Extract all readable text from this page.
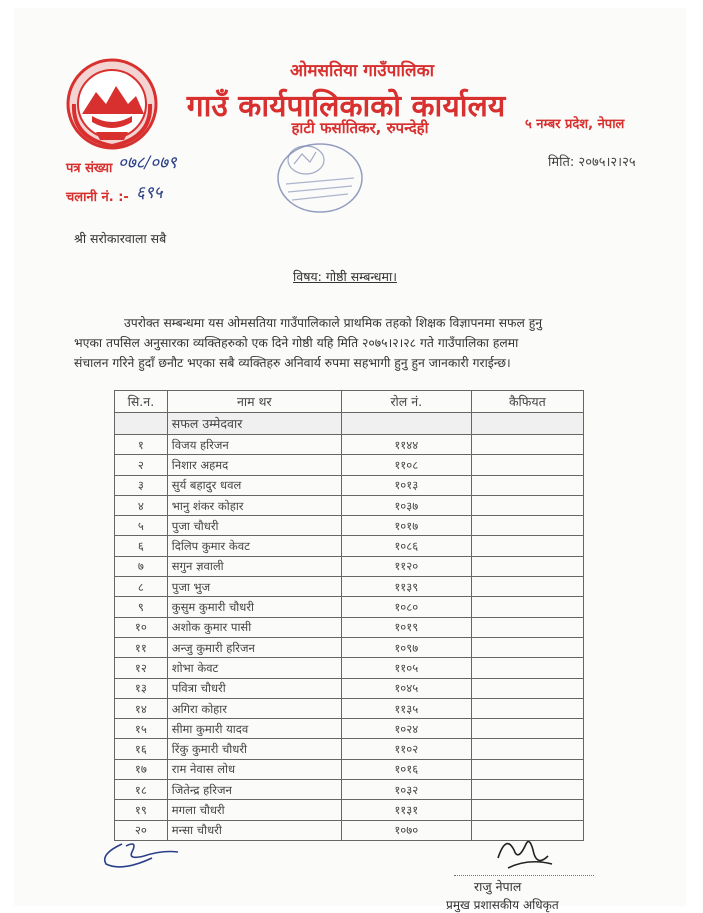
ओमसतिया गाउँपालिका
गाउँ कार्यपालिकाको कार्यालय
हाटी फर्सातिकर, रुपन्देही	५ नम्बर प्रदेश, नेपाल
पत्र संख्या ०७८/०७९
चलानी नं. :- ६९५
मिति: २०७५।२।२५
श्री सरोकारवाला सबै
विषय: गोष्ठी सम्बन्धमा।
उपरोक्त सम्बन्धमा यस ओमसतिया गाउँपालिकाले प्राथमिक तहको शिक्षक विज्ञापनमा सफल हुनु
भएका तपसिल अनुसारका व्यक्तिहरुको एक दिने गोष्ठी यहि मिति २०७५।२।२८ गते गाउँपालिका हलमा
संचालन गरिने हुदाँ छनौट भएका सबै व्यक्तिहरु अनिवार्य रुपमा सहभागी हुनु हुन जानकारी गराईन्छ।
सि.न.	नाम थर	रोल नं.	कैफियत
	सफल उम्मेदवार		
१	विजय हरिजन	११४४	
२	निशार अहमद	११०८	
३	सुर्य बहादुर धवल	१०१३	
४	भानु शंकर कोहार	१०३७	
५	पुजा चौधरी	१०१७	
६	दिलिप कुमार केवट	१०८६	
७	सगुन ज्ञवाली	११२०	
८	पुजा भुज	११३९	
९	कुसुम कुमारी चौधरी	१०८०	
१०	अशोक कुमार पासी	१०१९	
११	अन्जु कुमारी हरिजन	१०९७	
१२	शोभा केवट	११०५	
१३	पवित्रा चौधरी	१०४५	
१४	अगिरा कोहार	११३५	
१५	सीमा कुमारी यादव	१०२४	
१६	रिंकु कुमारी चौधरी	११०२	
१७	राम नेवास लोध	१०१६	
१८	जितेन्द्र हरिजन	१०३२	
१९	मगला चौधरी	११३१	
२०	मन्सा चौधरी	१०७०	
राजु नेपाल
प्रमुख प्रशासकीय अधिकृत
